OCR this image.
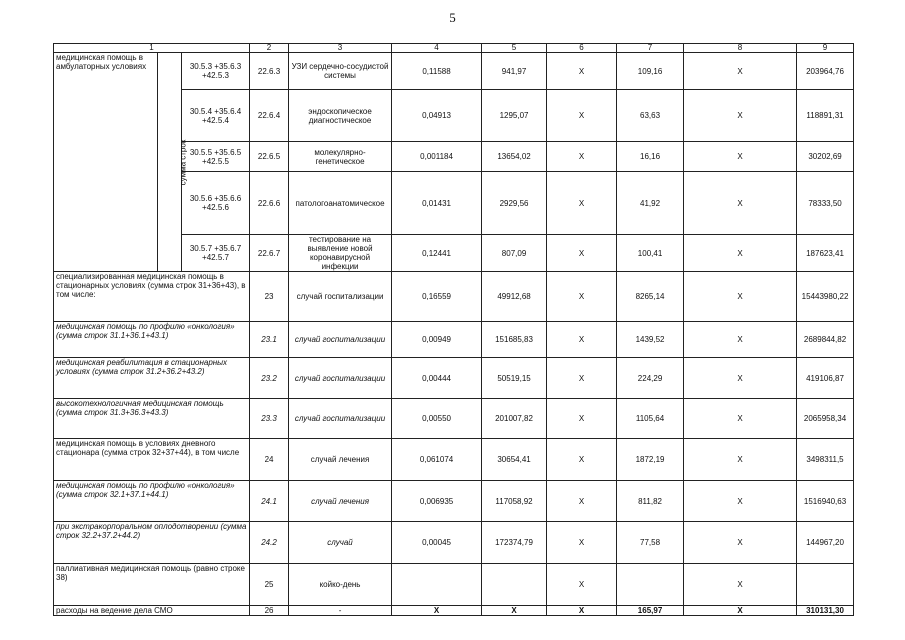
5
1			2	3	4	5	6	7	8	9	
медицинская помощь в амбулаторных условиях	сумма строк	30.5.3 +35.6.3 +42.5.3	22.6.3	УЗИ сердечно-сосудистой системы	0,11588	941,97	X	109,16	X	203964,76	
		30.5.4 +35.6.4 +42.5.4	22.6.4	эндоскопическое диагностическое	0,04913	1295,07	X	63,63	X	118891,31	
		30.5.5 +35.6.5 +42.5.5	22.6.5	молекулярно-генетическое	0,001184	13654,02	X	16,16	X	30202,69	
		30.5.6 +35.6.6 +42.5.6	22.6.6	патологоанатомическое	0,01431	2929,56	X	41,92	X	78333,50	
		30.5.7 +35.6.7 +42.5.7	22.6.7	тестирование на выявление новой коронавирусной инфекции	0,12441	807,09	X	100,41	X	187623,41	
специализированная медицинская помощь в стационарных условиях (сумма строк 31+36+43), в том числе:			23	случай госпитализации	0,16559	49912,68	X	8265,14	X	15443980,22	
медицинская помощь по профилю «онкология» (сумма строк 31.1+36.1+43.1)			23.1	случай госпитализации	0,00949	151685,83	X	1439,52	X	2689844,82	
медицинская реабилитация в стационарных условиях (сумма строк 31.2+36.2+43.2)			23.2	случай госпитализации	0,00444	50519,15	X	224,29	X	419106,87	
высокотехнологичная медицинская помощь (сумма строк 31.3+36.3+43.3)			23.3	случай госпитализации	0,00550	201007,82	X	1105,64	X	2065958,34	
медицинская помощь в условиях дневного стационара (сумма строк 32+37+44), в том числе			24	случай лечения	0,061074	30654,41	X	1872,19	X	3498311,5	
медицинская помощь по профилю «онкология» (сумма строк 32.1+37.1+44.1)			24.1	случай лечения	0,006935	117058,92	X	811,82	X	1516940,63	
при экстракорпоральном оплодотворении (сумма строк 32.2+37.2+44.2)			24.2	случай	0,00045	172374,79	X	77,58	X	144967,20	
паллиативная медицинская помощь (равно строке 38)			25	койко-день			X		X		
расходы на ведение дела СМО			26	-	X	X	X	165,97	X	310131,30	
